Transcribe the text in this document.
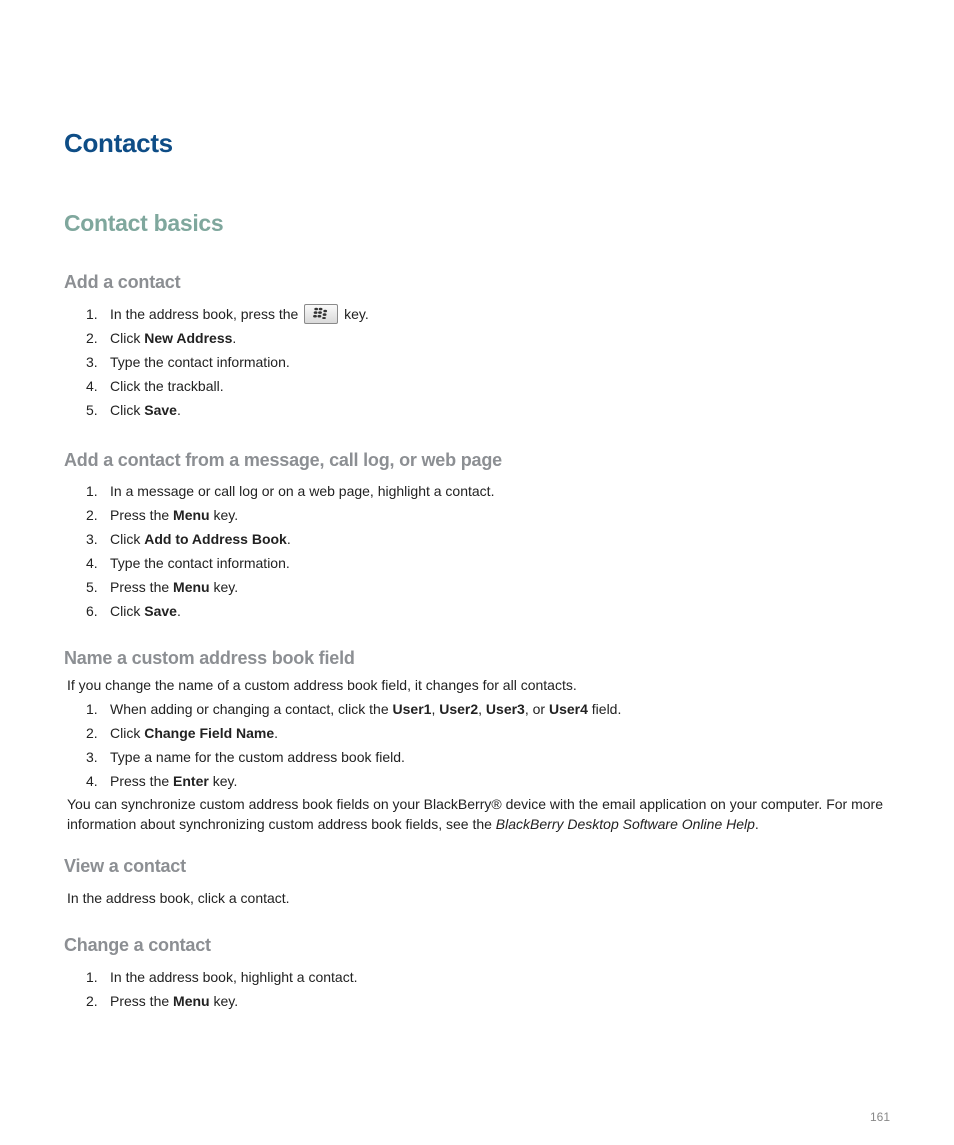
Contacts
Contact basics
Add a contact
1. In the address book, press the	key.
2. Click New Address.
3. Type the contact information.
4. Click the trackball.
5. Click Save.
Add a contact from a message, call log, or web page
1. In a message or call log or on a web page, highlight a contact.
2. Press the Menu key.
3. Click Add to Address Book.
4. Type the contact information.
5. Press the Menu key.
6. Click Save.
Name a custom address book field

If you change the name of a custom address book field, it changes for all contacts.

1. When adding or changing a contact, click the User1, User2, User3, or User4 field.
2. Click Change Field Name.
3. Type a name for the custom address book field.
4. Press the Enter key.

You can synchronize custom address book fields on your BlackBerry® device with the email application on your computer. For more information about synchronizing custom address book fields, see the BlackBerry Desktop Software Online Help.

View a contact

In the address book, click a contact.

Change a contact
1. In the address book, highlight a contact.
2. Press the Menu key.
161
